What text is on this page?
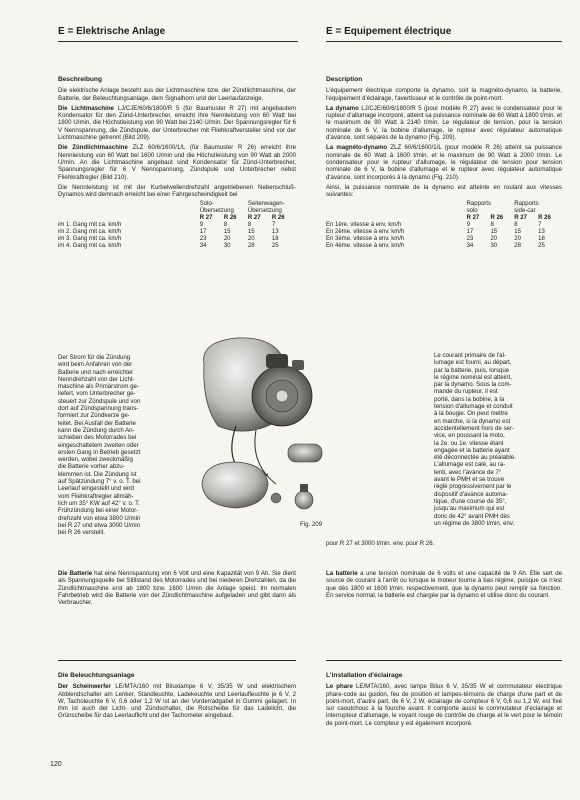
E = Elektrische Anlage	E = Equipement électrique
Beschreibung

Die elektrische Anlage besteht aus der Lichtmaschine bzw. der Zündlichtmaschine, der Batterie, der Beleuchtungsanlage, dem Signalhorn und der Leerlaufanzeige.

Die Lichtmaschine LJ/CJE/60/6/1800/R 5 (für Baumuster R 27) mit angebautem Kondensator für den Zünd-Unterbrecher, erreicht ihre Nennleistung von 60 Watt bei 1800 U/min, die Höchstleistung von 90 Watt bei 2140 U/min. Der Spannungsregler für 6 V Nennspannung, die Zündspule, der Unterbrecher mit Fliehkraftversteller sind vor der Lichtmaschine getrennt (Bild 209).

Die Zündlichtmaschine ZLZ 60/6/1600/1/L (für Baumuster R 26) erreicht ihre Nennleistung von 60 Watt bei 1600 U/min und die Höchstleistung von 90 Watt ab 2000 U/min. An die Lichtmaschine angebaut sind Kondensator für Zünd-Unterbrecher, Spannungsregler für 6 V Nennspannung, Zündspule und Unterbrecher nebst Fliehkraftregler (Bild 210).

Die Nennleistung ist mit der Kurbelwellendrehzahl angetriebenen Nebenschluß-Dynamos wird demnach erreicht bei einer Fahrgeschwindigkeit bei

	Solo-		Seitenwagen-	
	Übersetzung		Übersetzung	
	R 27	R 26	R 27	R 26
im 1. Gang mit ca. km/h	9	8	8	7
im 2. Gang mit ca. km/h	17	15	15	13
im 3. Gang mit ca. km/h	23	20	20	18
im 4. Gang mit ca. km/h	34	30	28	25
Der Strom für die Zündung
wird beim Anfahren von der
Batterie und nach erreichter
Nenndrehzahl von der Licht-
maschine als Primärstrom ge-
liefert, vom Unterbrecher ge-
steuert zur Zündspule und von
dort auf Zündspannung trans-
formiert zur Zündkerze ge-
leitet. Bei Ausfall der Batterie
kann die Zündung durch An-
schieben des Motorrades bei
eingeschaltetem zweiten oder
ersten Gang in Betrieb gesetzt
werden, wobei zweckmäßig
die Batterie vorher abzu-
klemmen ist. Die Zündung ist
auf Spätzündung 7° v. o. T. bei
Leerlauf eingestellt und wird
vom Fliehkraftregler allmäh-
lich um 35° KW auf 42° v. o. T.
Frühzündung bei einer Motor-
drehzahl von etwa 3800 U/min
bei R 27 und etwa 3000 U/min
bei R 26 verstellt.
Fig. 209

Die Batterie hat eine Nennspannung von 6 Volt und eine Kapazität von 9 Ah. Sie dient als Spannungsquelle bei Stillstand des Motorrades und bei niederen Drehzahlen, da die Zündlichtmaschine erst ab 1800 bzw. 1600 U/min die Anlage speist. Im normalen Fahrbetrieb wird die Batterie von der Zündlichtmaschine aufgeladen und gibt dann als Verbraucher.

Die Beleuchtungsanlage

Der Scheinwerfer LE/MTA/160 mit Biluxlampe 6 V, 35/35 W und elektrischem Abblendschalter am Lenker, Standleuchte, Ladekeuchte und Leerlaufleuchte je 6 V, 2 W, Tacholeuchte 6 V, 0,6 oder 1,2 W ist an der Vorderradgabel in Gummi gelagert. In ihm ist auch der Licht- und Zündschalter, die Rotscheibe für das Ladelicht, die Grünscheibe für das Leerlauflicht und der Tachometer eingebaut.

Description

L'équipement électrique comporte la dynamo, soit la magnéto-dynamo, la batterie, l'équipement d'éclairage, l'avertisseur et le contrôle de point-mort.

La dynamo LJ/CJE/60/6/1800/R 5 (pour modèle R 27) avec le condensateur pour le rupteur d'allumage incorporé, atteint sa puissance nominale de 60 Watt à 1800 t/min. et le maximum de 90 Watt à 2140 t/min. Le régulateur de tension, pour la tension nominale de 6 V, la bobine d'allumage, le rupteur avec régulateur automatique d'avance, sont séparés de la dynamo (Fig. 209).

La magnéto-dynamo ZLZ 60/6/1600/1/L (pour modèle R 26) atteint sa puissance nominale de 60 Watt à 1600 t/min. et le maximum de 90 Watt à 2000 t/min. Le condensateur pour le rupteur d'allumage, le régulateur de tension pour tension nominale de 6 V, la bobine d'allumage et le rupteur avec régulateur automatique d'avance, sont incorporés à la dynamo (Fig. 210).

Ainsi, la puissance nominale de la dynamo est atteinte en roulant aux vitesses suivantes:

	Rapports		Rapports	
	solo		side-car	
	R 27	R 26	R 27	R 26
En 1ère. vitesse à env. km/h	9	8	8	7
En 2ème. vitesse à env. km/h	17	15	15	13
En 3ème. vitesse à env. km/h	23	20	20	18
En 4ème. vitesse à env. km/h	34	30	28	25
Le courant primaire de l'al-
lumage est fourni, au départ,
par la batterie, puis, lorsque
le régime nominal est atteint,
par la dynamo. Sous la com-
mande du rupteur, il est
porté, dans la bobine, à la
tension d'allumage et conduit
à la bougie. On peut mettre
en marche, si la dynamo est
accidentellement hors de ser-
vice, en poussant la moto,
la 2e. ou 1e. vitesse étant
engagée et la batterie ayant
été déconnectée au préalable.
L'allumage est calé, au ra-
lenti, avec l'avance de 7°
avant le PMH et se trouve
réglé progressivement par le
dispositif d'avance automa-
tique, d'une course de 35°,
jusqu'au maximum qui est
donc de 42° avant PMH dès
un régime de 3800 t/min. env.
pour R 27 et 3000 t/min. env. pour R 26.

La batterie a une tension nominale de 6 volts et une capacité de 9 Ah. Elle sert de source de courant à l'arrêt ou lorsque le moteur tourne à bas régime, puisque ce n'est que dès 1800 et 1600 t/min. respectivement, que la dynamo peut remplir sa fonction. En service normal, la batterie est chargée par la dynamo et utilise donc du courant.

L'installation d'éclairage

Le phare LE/MTA/160, avec lampe Bilux 6 V, 35/35 W et commutateur électrique phare-code au guidon, feu de position et lampes-témoins de charge d'une part et de point-mort, d'autre part, de 6 V, 2 W, éclairage de compteur 6 V, 0,6 ou 1,2 W, est fixé sur caoutchouc à la fourche avant. Il comporte aussi le commutateur d'éclairage et interrupteur d'allumage, le voyant rouge de contrôle de charge et le vert pour le témoin de point-mort. Le compteur y est également incorporé.

120
